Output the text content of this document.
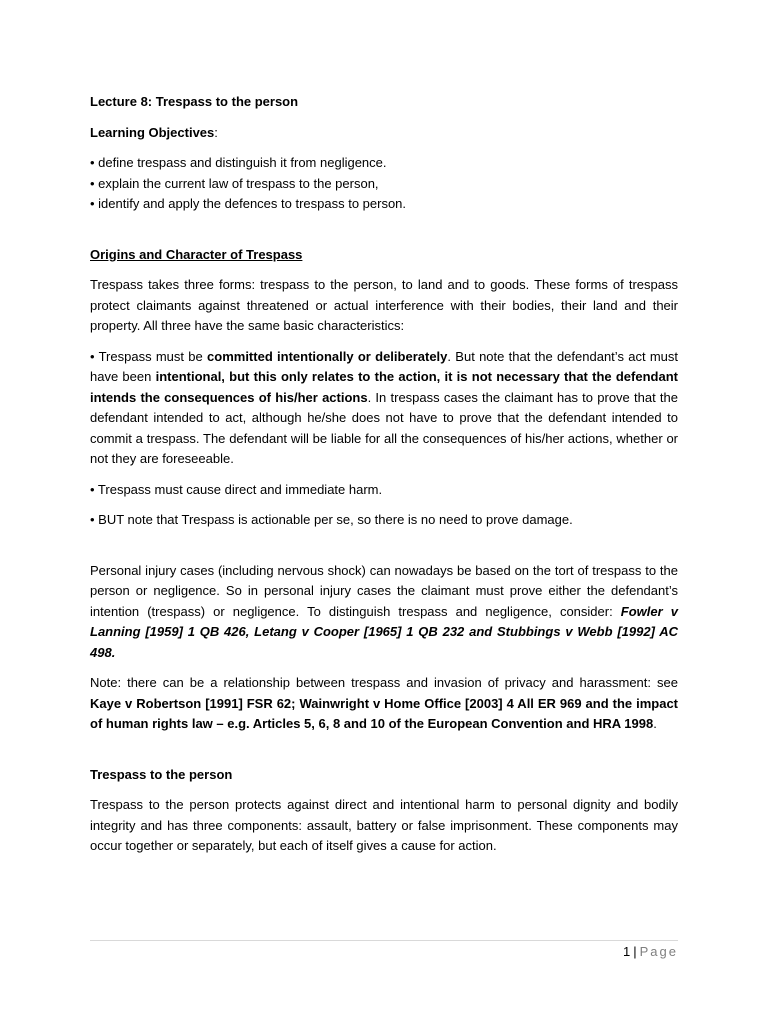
Lecture 8: Trespass to the person

Learning Objectives:

• define trespass and distinguish it from negligence.

• explain the current law of trespass to the person,

• identify and apply the defences to trespass to person.

Origins and Character of Trespass

Trespass takes three forms: trespass to the person, to land and to goods. These forms of trespass protect claimants against threatened or actual interference with their bodies, their land and their property. All three have the same basic characteristics:

• Trespass must be committed intentionally or deliberately. But note that the defendant’s act must have been intentional, but this only relates to the action, it is not necessary that the defendant intends the consequences of his/her actions. In trespass cases the claimant has to prove that the defendant intended to act, although he/she does not have to prove that the defendant intended to commit a trespass. The defendant will be liable for all the consequences of his/her actions, whether or not they are foreseeable.

• Trespass must cause direct and immediate harm.

• BUT note that Trespass is actionable per se, so there is no need to prove damage.

Personal injury cases (including nervous shock) can nowadays be based on the tort of trespass to the person or negligence. So in personal injury cases the claimant must prove either the defendant’s intention (trespass) or negligence. To distinguish trespass and negligence, consider: Fowler v Lanning [1959] 1 QB 426, Letang v Cooper [1965] 1 QB 232 and Stubbings v Webb [1992] AC 498.

Note: there can be a relationship between trespass and invasion of privacy and harassment: see Kaye v Robertson [1991] FSR 62; Wainwright v Home Office [2003] 4 All ER 969 and the impact of human rights law – e.g. Articles 5, 6, 8 and 10 of the European Convention and HRA 1998.

Trespass to the person

Trespass to the person protects against direct and intentional harm to personal dignity and bodily integrity and has three components: assault, battery or false imprisonment. These components may occur together or separately, but each of itself gives a cause for action.

1 | Page
